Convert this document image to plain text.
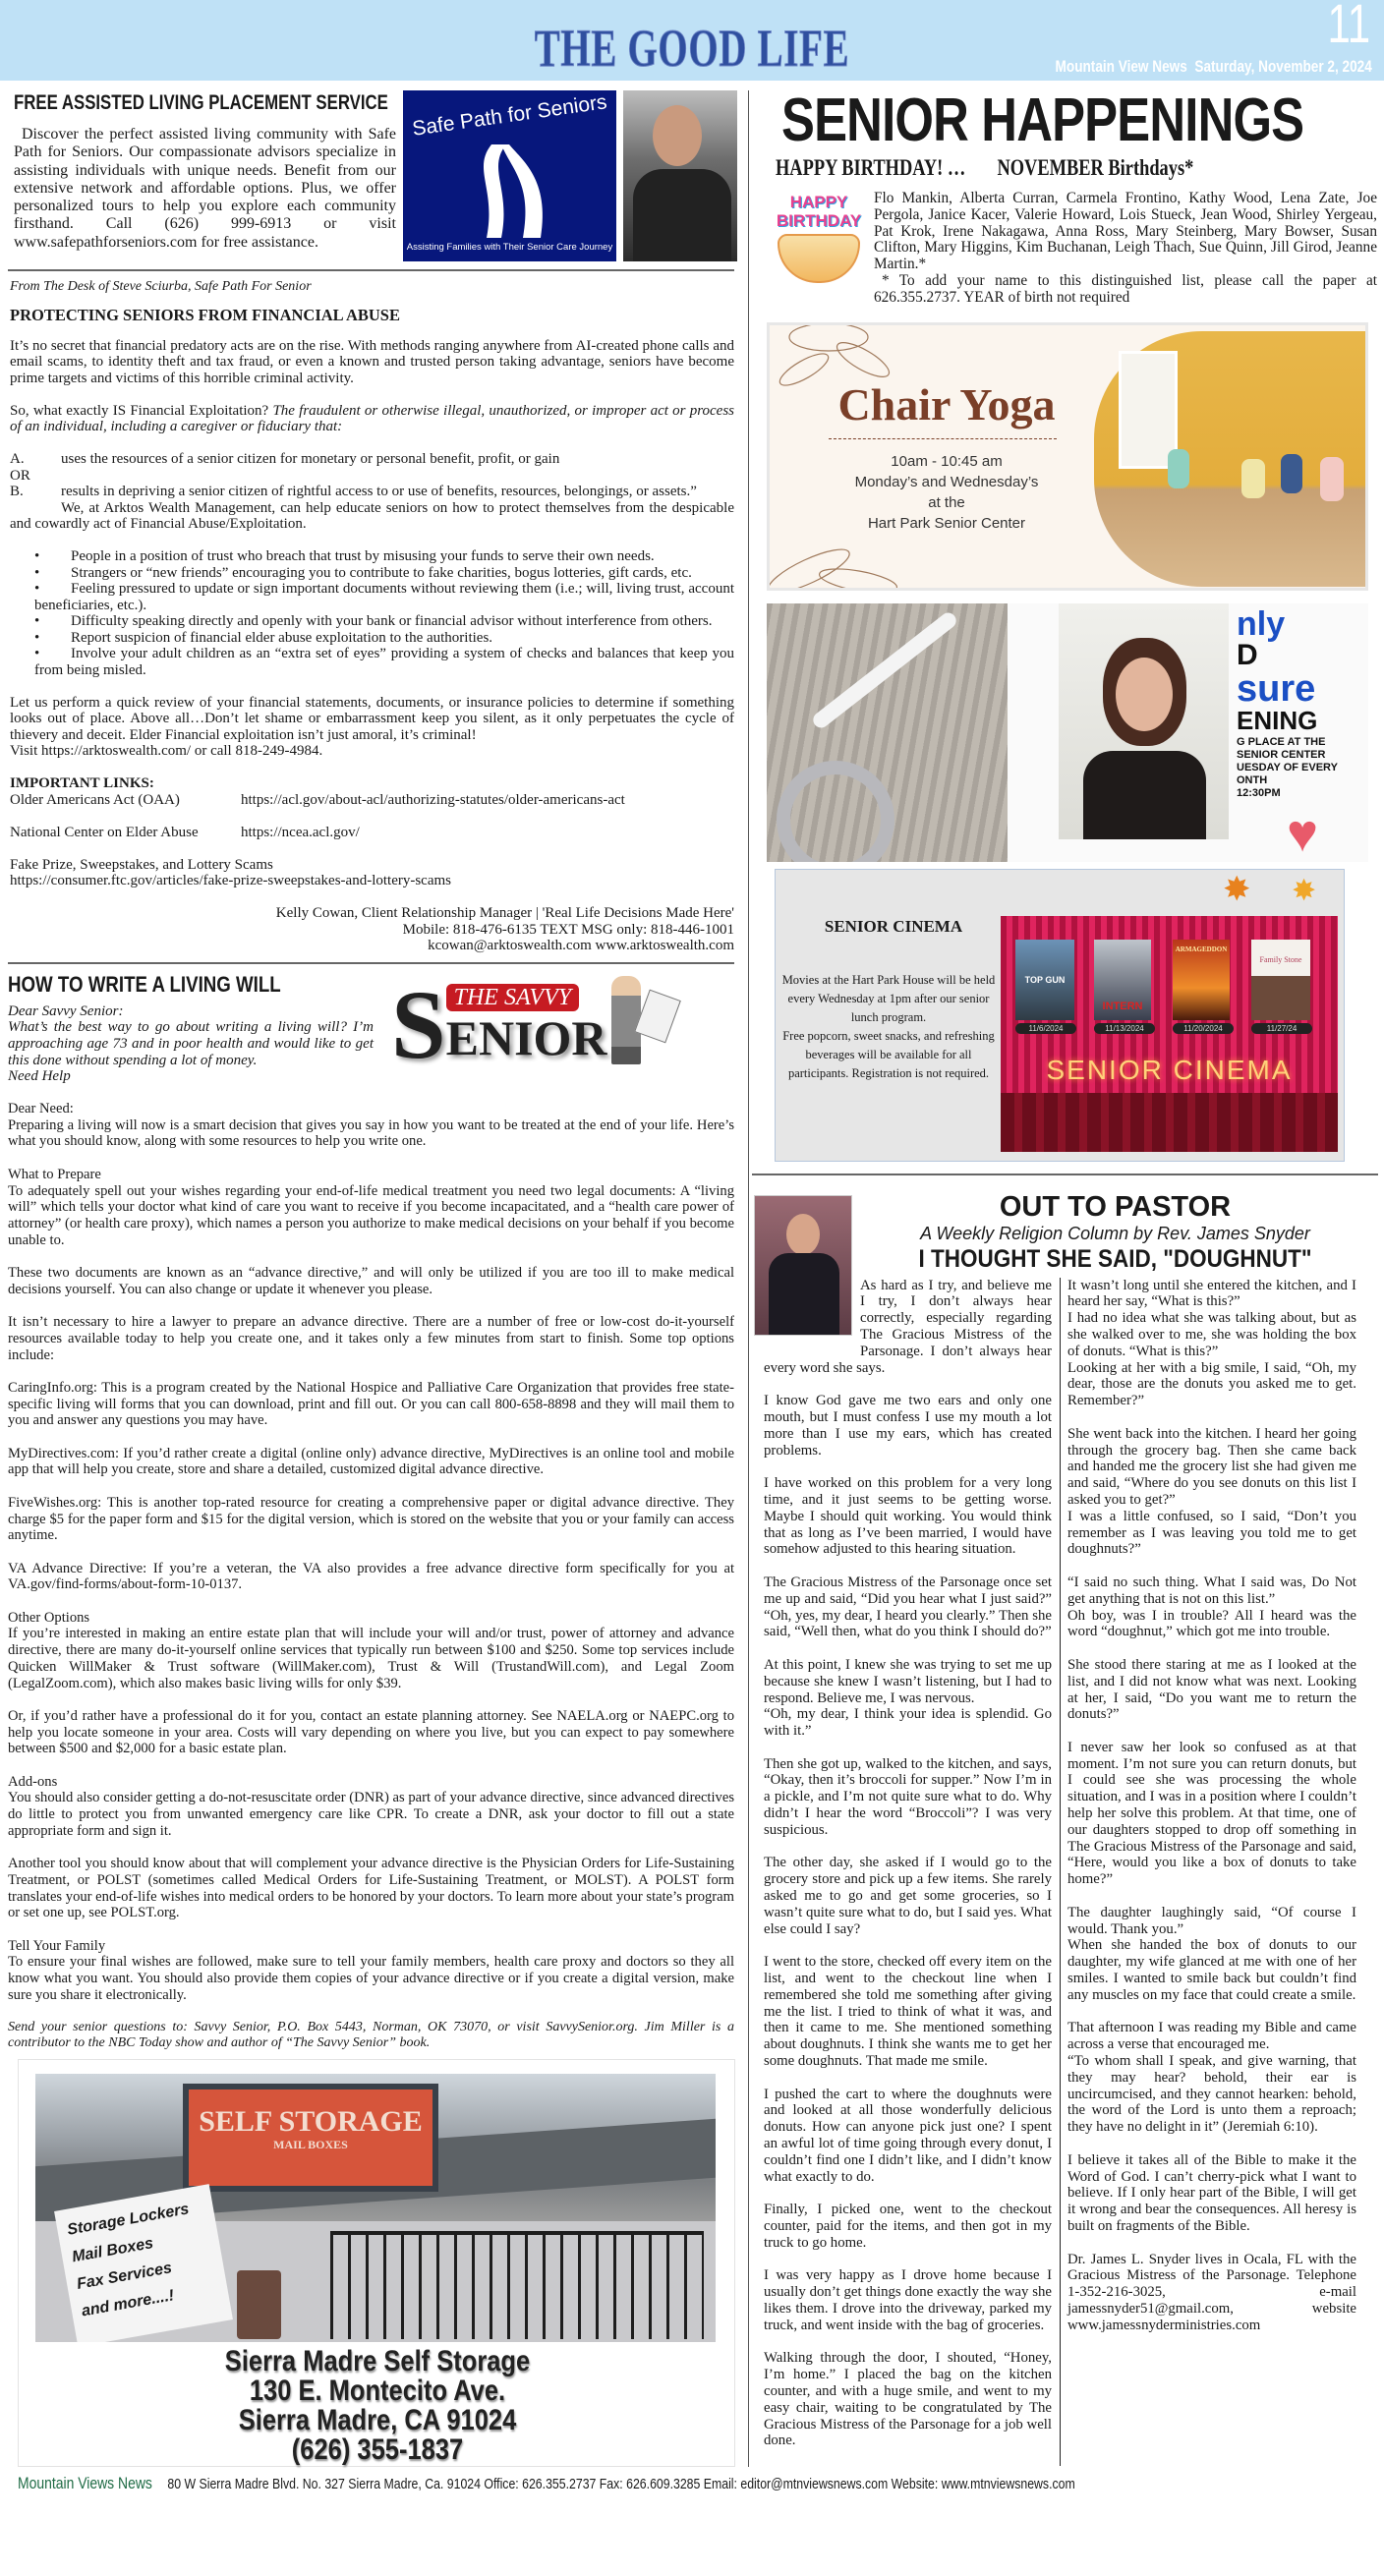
THE GOOD LIFE	11
Mountain View News Saturday, November 2, 2024
FREE ASSISTED LIVING PLACEMENT SERVICE
Discover the perfect assisted living community with Safe Path for Seniors. Our compassionate advisors specialize in assisting individuals with unique needs. Benefit from our extensive network and affordable options. Plus, we offer personalized tours to help you explore each community firsthand. Call (626) 999-6913 or visit www.safepathforseniors.com for free assistance.
Safe Path for Seniors
Assisting Families with Their Senior Care Journey

From The Desk of Steve Sciurba, Safe Path For Senior

PROTECTING SENIORS FROM FINANCIAL ABUSE

It’s no secret that financial predatory acts are on the rise. With methods ranging anywhere from AI-created phone calls and email scams, to identity theft and tax fraud, or even a known and trusted person taking advantage, seniors have become prime targets and victims of this horrible criminal activity.

So, what exactly IS Financial Exploitation? The fraudulent or otherwise illegal, unauthorized, or improper act or process of an individual, including a caregiver or fiduciary that:

A. uses the resources of a senior citizen for monetary or personal benefit, profit, or gain

OR

B.	results in depriving a senior citizen of rightful access to or use of benefits, resources, belongings, or assets.”

We, at Arktos Wealth Management, can help educate seniors on how to protect themselves from the despicable and cowardly act of Financial Abuse/Exploitation.

• People in a position of trust who breach that trust by misusing your funds to serve their own needs.

• Strangers or “new friends” encouraging you to contribute to fake charities, bogus lotteries, gift cards, etc.

• Feeling pressured to update or sign important documents without reviewing them (i.e.; will, living trust, account beneficiaries, etc.).

• Difficulty speaking directly and openly with your bank or financial advisor without interference from others.

• Report suspicion of financial elder abuse exploitation to the authorities.

• Involve your adult children as an “extra set of eyes” providing a system of checks and balances that keep you from being misled.

Let us perform a quick review of your financial statements, documents, or insurance policies to determine if something looks out of place. Above all…Don’t let shame or embarrassment keep you silent, as it only perpetuates the cycle of thievery and deceit. Elder Financial exploitation isn’t just amoral, it’s criminal!
Visit https://arktoswealth.com/ or call 818-249-4984.

IMPORTANT LINKS:

Older Americans Act (OAA)	https://acl.gov/about-acl/authorizing-statutes/older-americans-act

National Center on Elder Abuse	https://ncea.acl.gov/

Fake Prize, Sweepstakes, and Lottery Scams

https://consumer.ftc.gov/articles/fake-prize-sweepstakes-and-lottery-scams

Kelly Cowan, Client Relationship Manager | 'Real Life Decisions Made Here'
Mobile: 818-476-6135 TEXT MSG only: 818-446-1001
kcowan@arktoswealth.com www.arktoswealth.com
HOW TO WRITE A LIVING WILL
Dear Savvy Senior:
What’s the best way to go about writing a living will? I’m approaching age 73 and in poor health and would like to get this done without spending a lot of money.
Need Help	S THE SAVVY
ENIOR

Dear Need:
Preparing a living will now is a smart decision that gives you say in how you want to be treated at the end of your life. Here’s what you should know, along with some resources to help you write one.

What to Prepare
To adequately spell out your wishes regarding your end-of-life medical treatment you need two legal documents: A “living will” which tells your doctor what kind of care you want to receive if you become incapacitated, and a “health care power of attorney” (or health care proxy), which names a person you authorize to make medical decisions on your behalf if you become unable to.

These two documents are known as an “advance directive,” and will only be utilized if you are too ill to make medical decisions yourself. You can also change or update it whenever you please.

It isn’t necessary to hire a lawyer to prepare an advance directive. There are a number of free or low-cost do-it-yourself resources available today to help you create one, and it takes only a few minutes from start to finish. Some top options include:

CaringInfo.org: This is a program created by the National Hospice and Palliative Care Organization that provides free state-specific living will forms that you can download, print and fill out. Or you can call 800-658-8898 and they will mail them to you and answer any questions you may have.

MyDirectives.com: If you’d rather create a digital (online only) advance directive, MyDirectives is an online tool and mobile app that will help you create, store and share a detailed, customized digital advance directive.

FiveWishes.org: This is another top-rated resource for creating a comprehensive paper or digital advance directive. They charge $5 for the paper form and $15 for the digital version, which is stored on the website that you or your family can access anytime.

VA Advance Directive: If you’re a veteran, the VA also provides a free advance directive form specifically for you at VA.gov/find-forms/about-form-10-0137.

Other Options
If you’re interested in making an entire estate plan that will include your will and/or trust, power of attorney and advance directive, there are many do-it-yourself online services that typically run between $100 and $250. Some top services include Quicken WillMaker & Trust software (WillMaker.com), Trust & Will (TrustandWill.com), and Legal Zoom (LegalZoom.com), which also makes basic living wills for only $39.

Or, if you’d rather have a professional do it for you, contact an estate planning attorney. See NAELA.org or NAEPC.org to help you locate someone in your area. Costs will vary depending on where you live, but you can expect to pay somewhere between $500 and $2,000 for a basic estate plan.

Add-ons
You should also consider getting a do-not-resuscitate order (DNR) as part of your advance directive, since advanced directives do little to protect you from unwanted emergency care like CPR. To create a DNR, ask your doctor to fill out a state appropriate form and sign it.

Another tool you should know about that will complement your advance directive is the Physician Orders for Life-Sustaining Treatment, or POLST (sometimes called Medical Orders for Life-Sustaining Treatment, or MOLST). A POLST form translates your end-of-life wishes into medical orders to be honored by your doctors. To learn more about your state’s program or set one up, see POLST.org.

Tell Your Family
To ensure your final wishes are followed, make sure to tell your family members, health care proxy and doctors so they all know what you want. You should also provide them copies of your advance directive or if you create a digital version, make sure you share it electronically.

Send your senior questions to: Savvy Senior, P.O. Box 5443, Norman, OK 73070, or visit SavvySenior.org. Jim Miller is a contributor to the NBC Today show and author of “The Savvy Senior” book.

SELF STORAGE
MAIL BOXES
Storage Lockers
Mail Boxes
Fax Services
and more....!
Sierra Madre Self Storage
130 E. Montecito Ave.
Sierra Madre, CA 91024
(626) 355-1837
SENIOR HAPPENINGS
HAPPY BIRTHDAY! … NOVEMBER Birthdays*
HAPPY BIRTHDAY
Flo Mankin, Alberta Curran, Carmela Frontino, Kathy Wood, Lena Zate, Joe Pergola, Janice Kacer, Valerie Howard, Lois Stueck, Jean Wood, Shirley Yergeau, Pat Krok, Irene Nakagawa, Anna Ross, Mary Steinberg, Mary Bowser, Susan Clifton, Mary Higgins, Kim Buchanan, Leigh Thach, Sue Quinn, Jill Girod, Jeanne Martin.*
* To add your name to this distinguished list, please call the paper at 626.355.2737. YEAR of birth not required
Chair Yoga
10am - 10:45 am
Monday’s and Wednesday’s
at the
Hart Park Senior Center
nly
D
sure
ENING
G PLACE AT THE
SENIOR CENTER
UESDAY OF EVERY
ONTH
12:30PM
♥
SENIOR CINEMA
Movies at the Hart Park House will be held every Wednesday at 1pm after our senior lunch program.
Free popcorn, sweet snacks, and refreshing beverages will be available for all participants. Registration is not required.	SENIOR CINEMA
TOP GUN
11/6/2024
INTERN
11/13/2024
ARMAGEDDON
11/20/2024
Family Stone
11/27/24
✸ ✸
OUT TO PASTOR
A Weekly Religion Column by Rev. James Snyder
I THOUGHT SHE SAID, "DOUGHNUT"

As hard as I try, and believe me I try, I don’t always hear correctly, especially regarding The Gracious Mistress of the Parsonage. I don’t always hear every word she says.

I know God gave me two ears and only one mouth, but I must confess I use my mouth a lot more than I use my ears, which has created problems.

I have worked on this problem for a very long time, and it just seems to be getting worse. Maybe I should quit working. You would think that as long as I’ve been married, I would have somehow adjusted to this hearing situation.

The Gracious Mistress of the Parsonage once set me up and said, “Did you hear what I just said?” “Oh, yes, my dear, I heard you clearly.” Then she said, “Well then, what do you think I should do?”

At this point, I knew she was trying to set me up because she knew I wasn’t listening, but I had to respond. Believe me, I was nervous.
“Oh, my dear, I think your idea is splendid. Go with it.”

Then she got up, walked to the kitchen, and says, “Okay, then it’s broccoli for supper.” Now I’m in a pickle, and I’m not quite sure what to do. Why didn’t I hear the word “Broccoli”? I was very suspicious.

The other day, she asked if I would go to the grocery store and pick up a few items. She rarely asked me to go and get some groceries, so I wasn’t quite sure what to do, but I said yes. What else could I say?

I went to the store, checked off every item on the list, and went to the checkout line when I remembered she told me something after giving me the list. I tried to think of what it was, and then it came to me. She mentioned something about doughnuts. I think she wants me to get her some doughnuts. That made me smile.

I pushed the cart to where the doughnuts were and looked at all those wonderfully delicious donuts. How can anyone pick just one? I spent an awful lot of time going through every donut, I couldn’t find one I didn’t like, and I didn’t know what exactly to do.

Finally, I picked one, went to the checkout counter, paid for the items, and then got in my truck to go home.

I was very happy as I drove home because I usually don’t get things done exactly the way she likes them. I drove into the driveway, parked my truck, and went inside with the bag of groceries.

Walking through the door, I shouted, “Honey, I’m home.” I placed the bag on the kitchen counter, and with a huge smile, and went to my easy chair, waiting to be congratulated by The Gracious Mistress of the Parsonage for a job well done.

It wasn’t long until she entered the kitchen, and I heard her say, “What is this?”
I had no idea what she was talking about, but as she walked over to me, she was holding the box of donuts. “What is this?”
Looking at her with a big smile, I said, “Oh, my dear, those are the donuts you asked me to get. Remember?”

She went back into the kitchen. I heard her going through the grocery bag. Then she came back and handed me the grocery list she had given me and said, “Where do you see donuts on this list I asked you to get?”
I was a little confused, so I said, “Don’t you remember as I was leaving you told me to get doughnuts?”

“I said no such thing. What I said was, Do Not get anything that is not on this list.”
Oh boy, was I in trouble? All I heard was the word “doughnut,” which got me into trouble.

She stood there staring at me as I looked at the list, and I did not know what was next. Looking at her, I said, “Do you want me to return the donuts?”

I never saw her look so confused as at that moment. I’m not sure you can return donuts, but I could see she was processing the whole situation, and I was in a position where I couldn’t help her solve this problem. At that time, one of our daughters stopped to drop off something in The Gracious Mistress of the Parsonage and said, “Here, would you like a box of donuts to take home?”

The daughter laughingly said, “Of course I would. Thank you.”
When she handed the box of donuts to our daughter, my wife glanced at me with one of her smiles. I wanted to smile back but couldn’t find any muscles on my face that could create a smile.

That afternoon I was reading my Bible and came across a verse that encouraged me.
“To whom shall I speak, and give warning, that they may hear? behold, their ear is uncircumcised, and they cannot hearken: behold, the word of the Lord is unto them a reproach; they have no delight in it” (Jeremiah 6:10).

I believe it takes all of the Bible to make it the Word of God. I can’t cherry-pick what I want to believe. If I only hear part of the Bible, I will get it wrong and bear the consequences. All heresy is built on fragments of the Bible.

Dr. James L. Snyder lives in Ocala, FL with the Gracious Mistress of the Parsonage. Telephone 1-352-216-3025, e-mail jamessnyder51@gmail.com, website www.jamessnyderministries.com

Mountain Views News 80 W Sierra Madre Blvd. No. 327 Sierra Madre, Ca. 91024 Office: 626.355.2737 Fax: 626.609.3285 Email: editor@mtnviewsnews.com Website: www.mtnviewsnews.com
